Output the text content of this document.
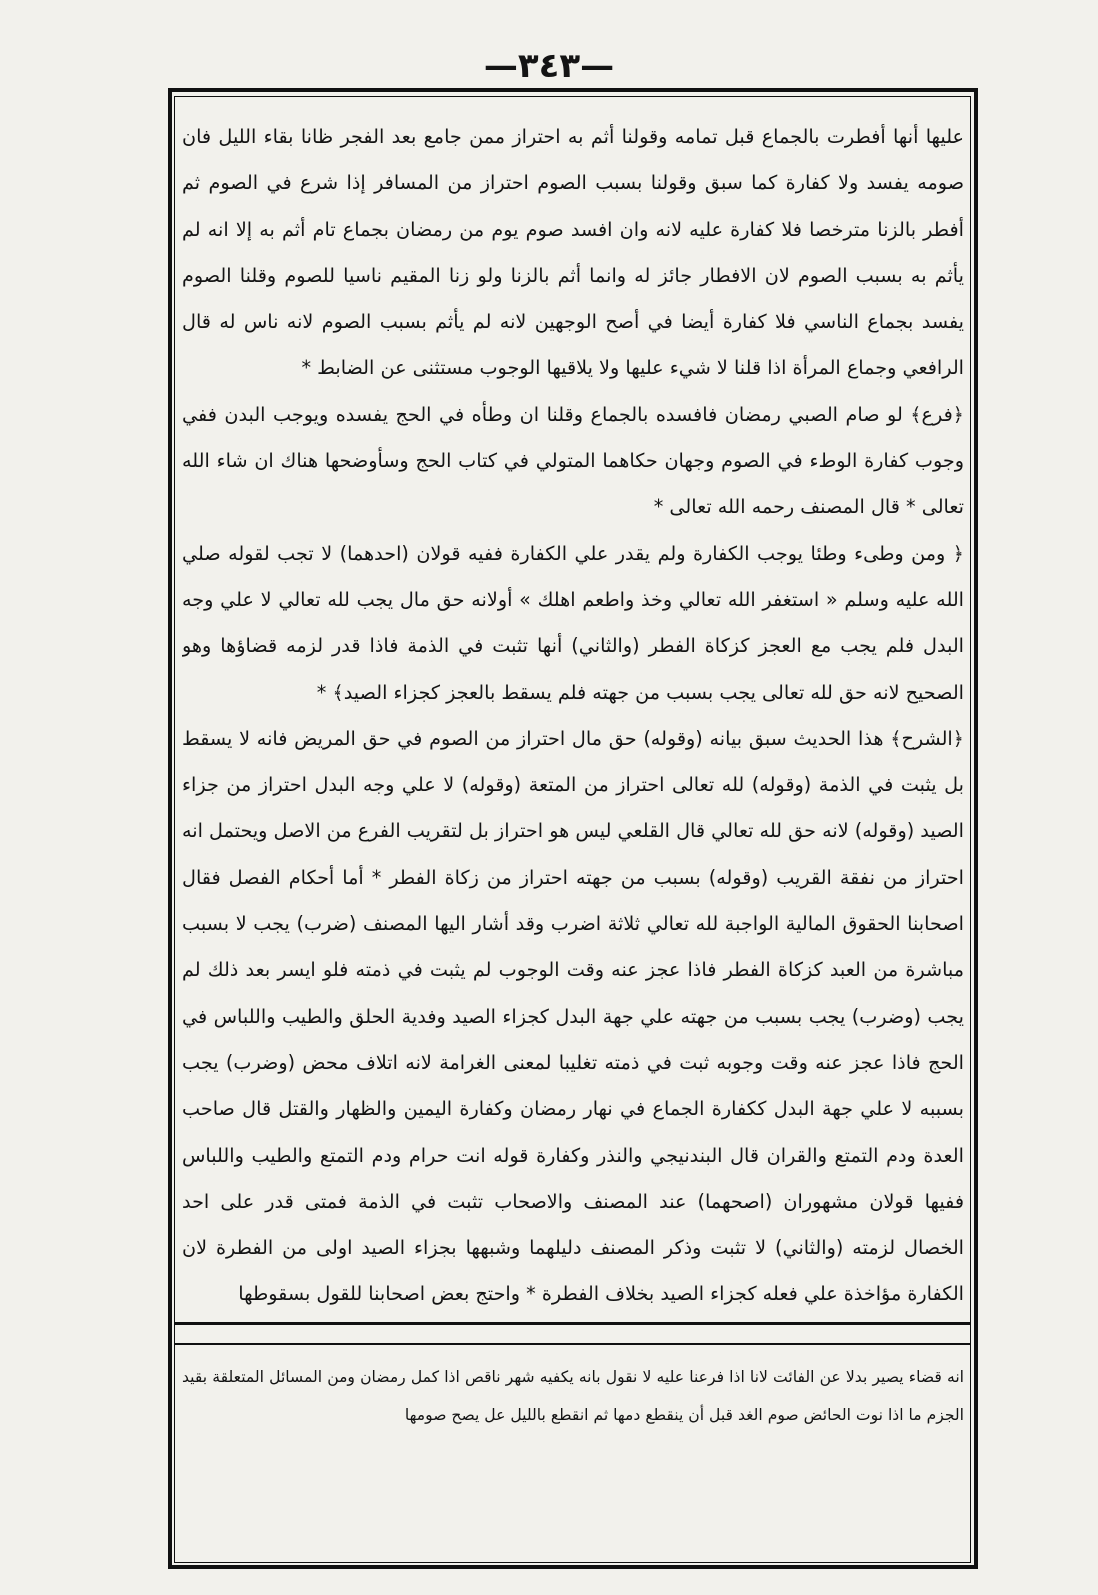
—٣٤٣—

عليها أنها أفطرت بالجماع قبل تمامه وقولنا أثم به احتراز ممن جامع بعد الفجر ظانا بقاء الليل فان صومه يفسد ولا كفارة كما سبق وقولنا بسبب الصوم احتراز من المسافر إذا شرع في الصوم ثم أفطر بالزنا مترخصا فلا كفارة عليه لانه وان افسد صوم يوم من رمضان بجماع تام أثم به إلا انه لم يأثم به بسبب الصوم لان الافطار جائز له وانما أثم بالزنا ولو زنا المقيم ناسيا للصوم وقلنا الصوم يفسد بجماع الناسي فلا كفارة أيضا في أصح الوجهين لانه لم يأثم بسبب الصوم لانه ناس له قال الرافعي وجماع المرأة اذا قلنا لا شيء عليها ولا يلاقيها الوجوب مستثنى عن الضابط *

﴿فرع﴾ لو صام الصبي رمضان فافسده بالجماع وقلنا ان وطأه في الحج يفسده ويوجب البدن ففي وجوب كفارة الوطء في الصوم وجهان حكاهما المتولي في كتاب الحج وسأوضحها هناك ان شاء الله تعالى * قال المصنف رحمه الله تعالى *

﴿ ومن وطىء وطئا يوجب الكفارة ولم يقدر علي الكفارة ففيه قولان (احدهما) لا تجب لقوله صلي الله عليه وسلم « استغفر الله تعالي وخذ واطعم اهلك » أولانه حق مال يجب لله تعالي لا علي وجه البدل فلم يجب مع العجز كزكاة الفطر (والثاني) أنها تثبت في الذمة فاذا قدر لزمه قضاؤها وهو الصحيح لانه حق لله تعالى يجب بسبب من جهته فلم يسقط بالعجز كجزاء الصيد﴾ *

﴿الشرح﴾ هذا الحديث سبق بيانه (وقوله) حق مال احتراز من الصوم في حق المريض فانه لا يسقط بل يثبت في الذمة (وقوله) لله تعالى احتراز من المتعة (وقوله) لا علي وجه البدل احتراز من جزاء الصيد (وقوله) لانه حق لله تعالي قال القلعي ليس هو احتراز بل لتقريب الفرع من الاصل ويحتمل انه احتراز من نفقة القريب (وقوله) بسبب من جهته احتراز من زكاة الفطر * أما أحكام الفصل فقال اصحابنا الحقوق المالية الواجبة لله تعالي ثلاثة اضرب وقد أشار اليها المصنف (ضرب) يجب لا بسبب مباشرة من العبد كزكاة الفطر فاذا عجز عنه وقت الوجوب لم يثبت في ذمته فلو ايسر بعد ذلك لم يجب (وضرب) يجب بسبب من جهته علي جهة البدل كجزاء الصيد وفدية الحلق والطيب واللباس في الحج فاذا عجز عنه وقت وجوبه ثبت في ذمته تغليبا لمعنى الغرامة لانه اتلاف محض (وضرب) يجب بسببه لا علي جهة البدل ككفارة الجماع في نهار رمضان وكفارة اليمين والظهار والقتل قال صاحب العدة ودم التمتع والقران قال البندنيجي والنذر وكفارة قوله انت حرام ودم التمتع والطيب واللباس ففيها قولان مشهوران (اصحهما) عند المصنف والاصحاب تثبت في الذمة فمتى قدر على احد الخصال لزمته (والثاني) لا تثبت وذكر المصنف دليلهما وشبهها بجزاء الصيد اولى من الفطرة لان الكفارة مؤاخذة علي فعله كجزاء الصيد بخلاف الفطرة * واحتج بعض اصحابنا للقول بسقوطها

انه قضاء يصير بدلا عن الفائت لانا اذا فرعنا عليه لا نقول بانه يكفيه شهر ناقص اذا كمل رمضان ومن المسائل المتعلقة بقيد الجزم ما اذا نوت الحائض صوم الغد قبل أن ينقطع دمها ثم انقطع بالليل عل يصح صومها
